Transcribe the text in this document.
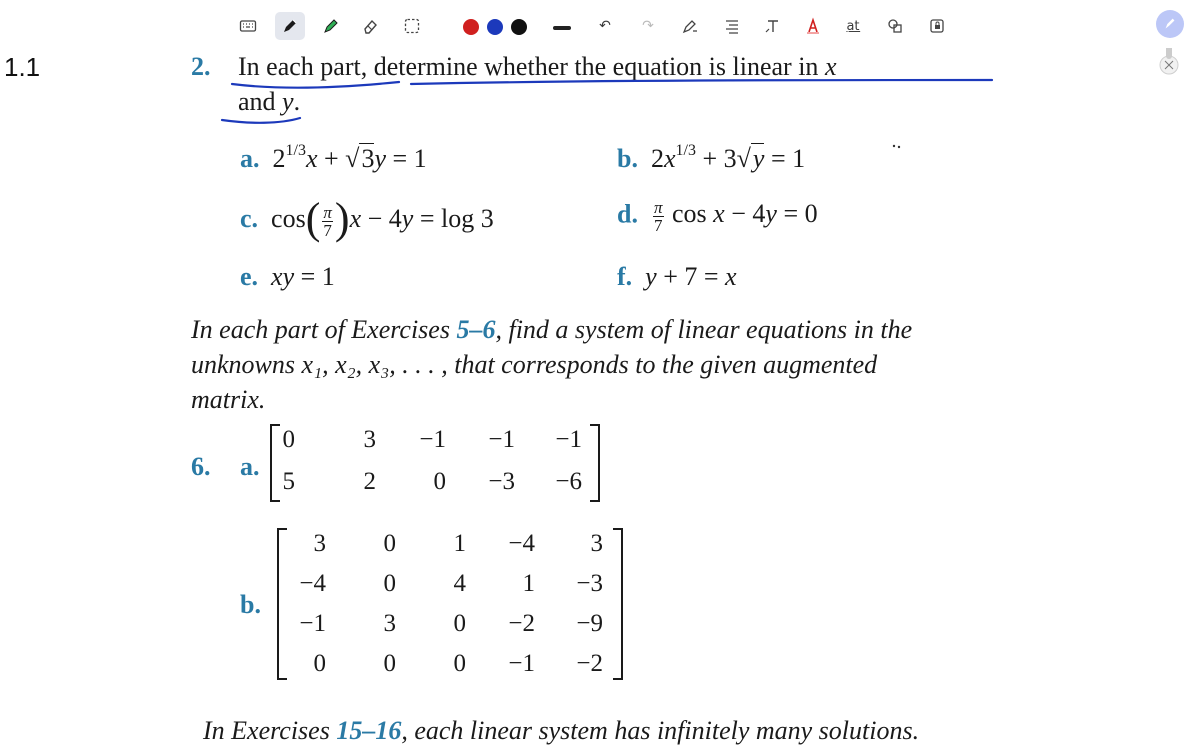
↶	↷	a͟t
1.1	2. In each part, determine whether the equation is linear in x
and y.
a.  $2^{1/3}x + √3y = 1$	b.  $2x^{1/3} + 3√y = 1$
c.  $\cos( \frac{\pi}{7} )x - 4y = \log 3$	d. $\frac{\pi}{7}$ cos x − 4y = 0
e. xy = 1	f. y + 7 = x
In each part of Exercises 5–6, find a system of linear equations in the
unknowns x₁, x₂, x₃, . . . , that corresponds to the given augmented
matrix.
6. a.
0	3	−1	−1	−1
5	2	0	−3	−6
b.
3	0	1	−4	3
−4	0	4	1	−3
−1	3	0	−2	−9
0	0	0	−1	−2
In Exercises 15–16, each linear system has infinitely many solutions.
